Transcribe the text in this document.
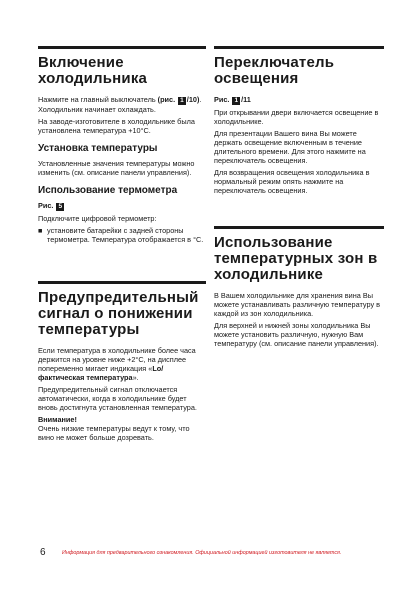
Включение холодильника

Нажмите на главный выключатель (рис. 1 /10). Холодильник начинает охлаждать.

На заводе-изготовителе в холодильнике была установлена температура +10°C.

Установка температуры

Установленные значения температуры можно изменить (см. описание панели управления).

Использование термометра

Рис. 5

Подключите цифровой термометр:

■ установите батарейки с задней стороны термометра. Температура отображается в °C.

Предупредительный сигнал о понижении температуры

Если температура в холодильнике более часа держится на уровне ниже +2°C, на дисплее попеременно мигает индикация «Lo/фактическая температура».

Предупредительный сигнал отключается автоматически, когда в холодильнике будет вновь достигнута установленная температура.

Внимание!

Очень низкие температуры ведут к тому, что вино не может больше дозревать.

Переключатель освещения

Рис. 1 /11

При открывании двери включается освещение в холодильнике.

Для презентации Вашего вина Вы можете держать освещение включенным в течение длительного времени. Для этого нажмите на переключатель освещения.

Для возвращения освещения холодильника в нормальный режим опять нажмите на переключатель освещения.

Использование температурных зон в холодильнике

В Вашем холодильнике для хранения вина Вы можете устанавливать различную температуру в каждой из зон холодильника.

Для верхней и нижней зоны холодильника Вы можете установить различную, нужную Вам температуру (см. описание панели управления).

6	Информация для предварительного ознакомления. Официальной информацией изготовителя не является.
